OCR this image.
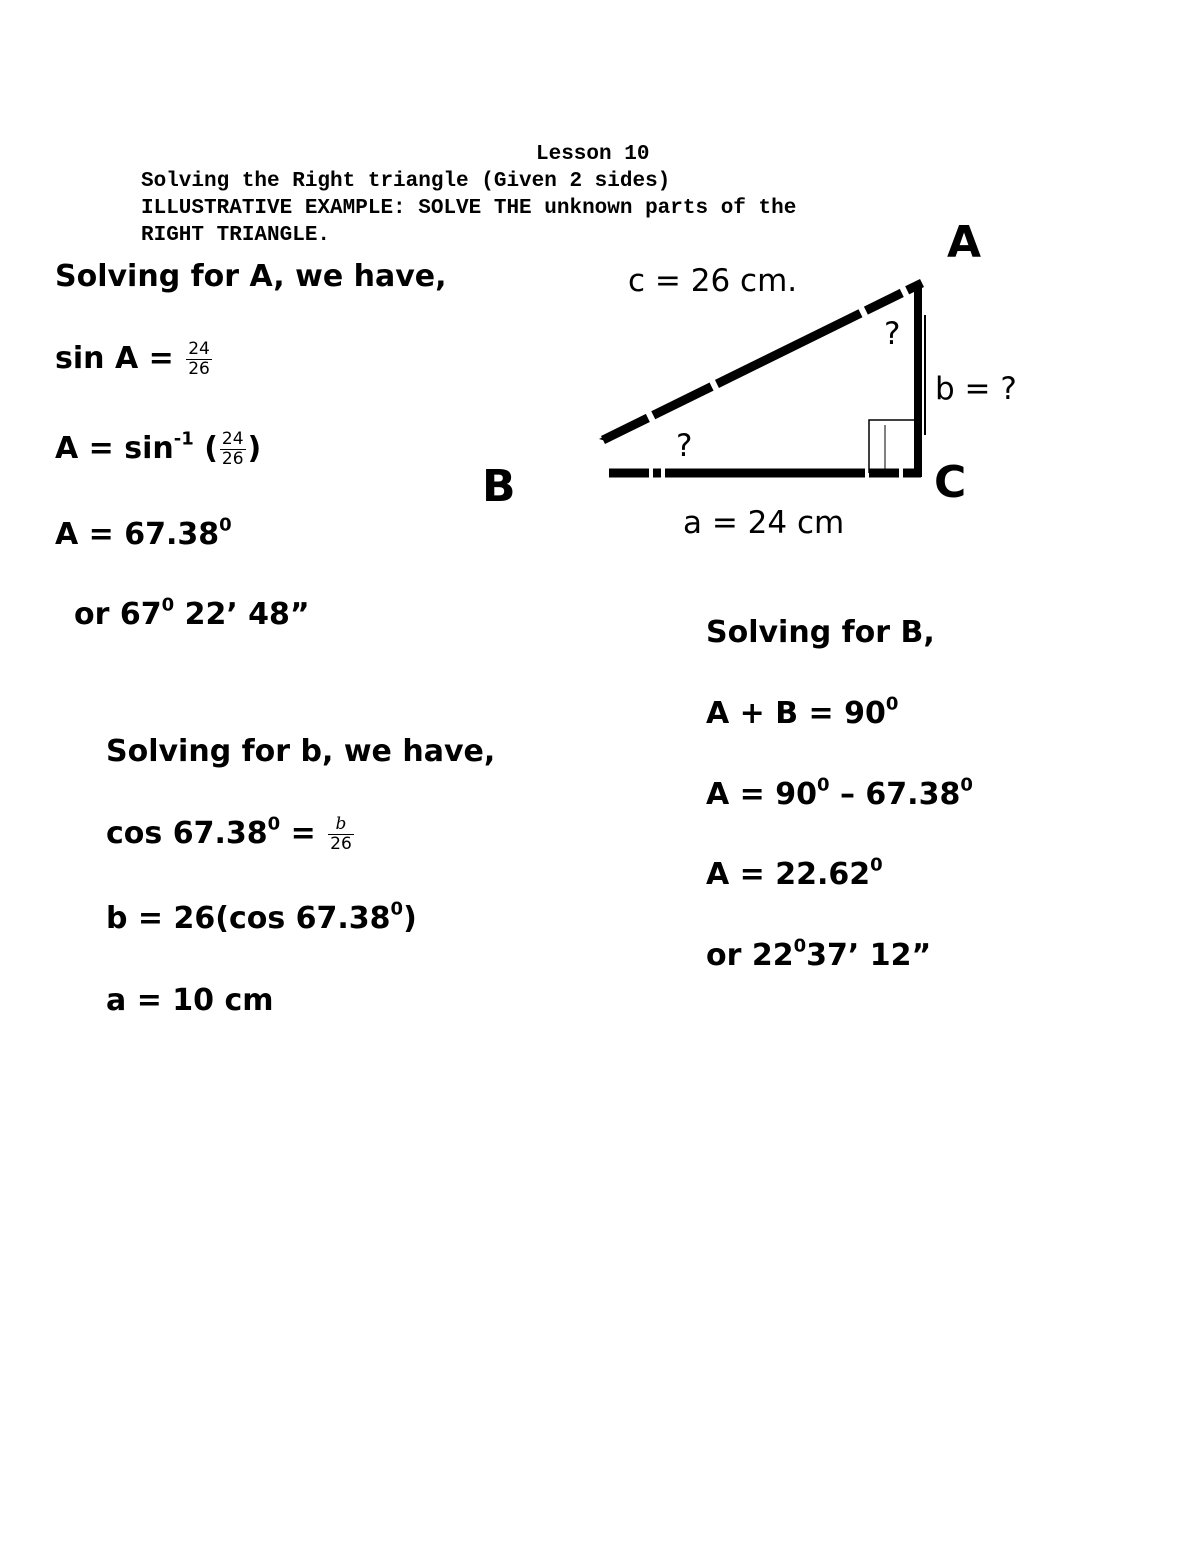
Lesson 10
Solving the Right triangle (Given 2 sides)
ILLUSTRATIVE EXAMPLE: SOLVE THE unknown parts of the
RIGHT TRIANGLE.	A
B	C
c = 26 cm.
a = 24 cm
b = ?
?
?
Solving for A, we have,
$\sin A = \frac{24}{26}$
$A = \sin^{-1}$ ( $\frac{24}{26}$ )
$A = 67.38^0$
or $67^0$ 22’ 48”
Solving for b, we have,
$\cos 67.38^0 = \frac{b}{26}$
b = 26(cos 67.38$^0$)
a = 10 cm
Solving for B,
$A + B = 90^0$
$A = 90^0 - 67.38^0$
$A = 22.62^0$
or $22^037$’ 12”
